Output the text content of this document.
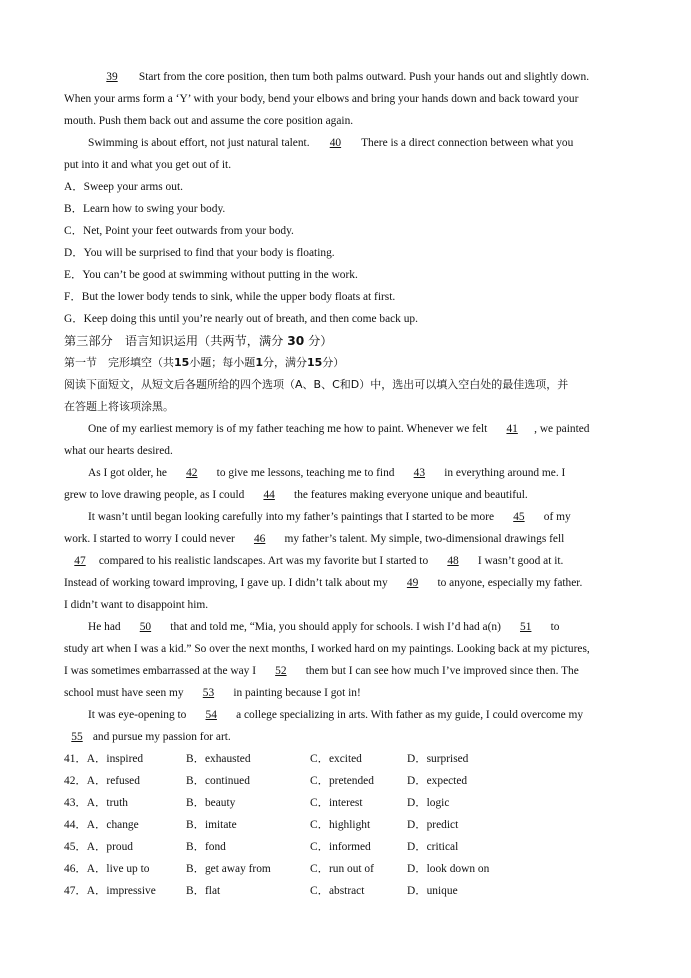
39 Start from the core position, then tum both palms outward. Push your hands out and slightly down.
When your arms form a ‘Y’ with your body, bend your elbows and bring your hands down and back toward your
mouth. Push them back out and assume the core position again.
Swimming is about effort, not just natural talent. 40 There is a direct connection between what you
put into it and what you get out of it.
A．Sweep your arms out.
B．Learn how to swing your body.
C．Net, Point your feet outwards from your body.
D．You will be surprised to find that your body is floating.
E．You can’t be good at swimming without putting in the work.
F．But the lower body tends to sink, while the upper body floats at first.
G．Keep doing this until you’re nearly out of breath, and then come back up.
第三部分　语言知识运用（共两节，满分 30 分）
第一节　完形填空（共15小题；每小题1分，满分15分）
阅读下面短文，从短文后各题所给的四个选项（A、B、C和D）中，选出可以填入空白处的最佳选项，并
在答题上将该项涂黑。
One of my earliest memory is of my father teaching me how to paint. Whenever we felt 41 , we painted
what our hearts desired.
As I got older, he 42 to give me lessons, teaching me to find 43 in everything around me. I
grew to love drawing people, as I could 44 the features making everyone unique and beautiful.
It wasn’t until began looking carefully into my father’s paintings that I started to be more 45 of my
work. I started to worry I could never 46 my father’s talent. My simple, two-dimensional drawings fell
47 compared to his realistic landscapes. Art was my favorite but I started to 48 I wasn’t good at it.
Instead of working toward improving, I gave up. I didn’t talk about my 49 to anyone, especially my father.
I didn’t want to disappoint him.
He had 50 that and told me, “Mia, you should apply for schools. I wish I’d had a(n) 51 to
study art when I was a kid.” So over the next months, I worked hard on my paintings. Looking back at my pictures,
I was sometimes embarrassed at the way I 52 them but I can see how much I’ve improved since then. The
school must have seen my 53 in painting because I got in!
It was eye-opening to 54 a college specializing in arts. With father as my guide, I could overcome my
55 and pursue my passion for art.
41．A．inspired	B．exhausted	C．excited	D．surprised
42．A．refused	B．continued	C．pretended	D．expected
43．A．truth	B．beauty	C．interest	D．logic
44．A．change	B．imitate	C．highlight	D．predict
45．A．proud	B．fond	C．informed	D．critical
46．A．live up to	B．get away from	C．run out of	D．look down on
47．A．impressive	B．flat	C．abstract	D．unique
